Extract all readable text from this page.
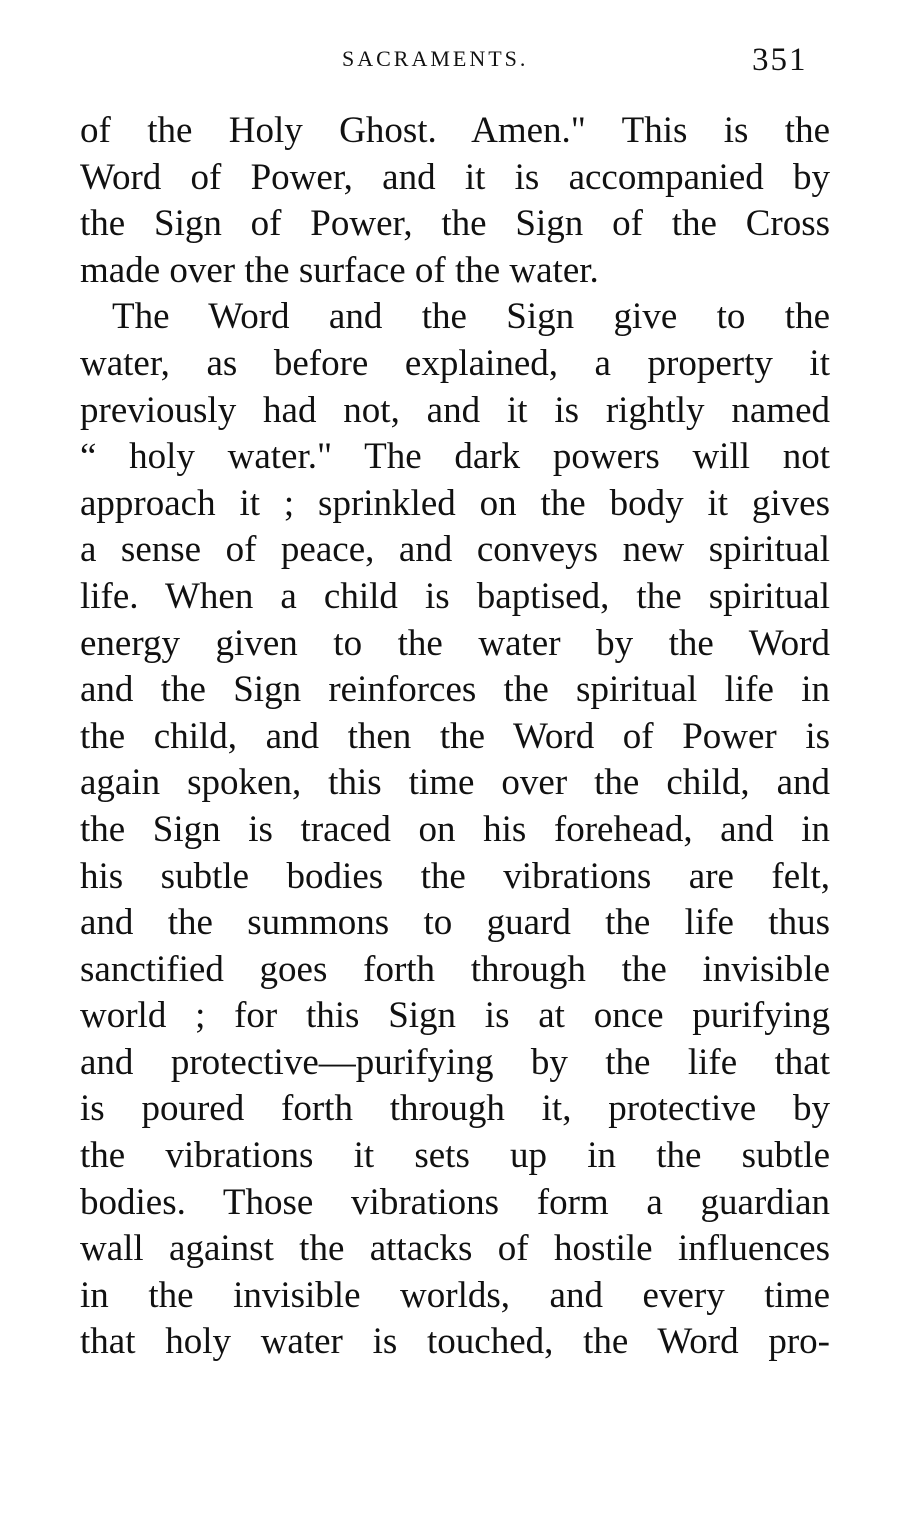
SACRAMENTS.	351
of the Holy Ghost. Amen." This is the
Word of Power, and it is accompanied by
the Sign of Power, the Sign of the Cross
made over the surface of the water.
The Word and the Sign give to the
water, as before explained, a property it
previously had not, and it is rightly named
“ holy water." The dark powers will not
approach it ; sprinkled on the body it gives
a sense of peace, and conveys new spiritual
life. When a child is baptised, the spiritual
energy given to the water by the Word
and the Sign reinforces the spiritual life in
the child, and then the Word of Power is
again spoken, this time over the child, and
the Sign is traced on his forehead, and in
his subtle bodies the vibrations are felt,
and the summons to guard the life thus
sanctified goes forth through the invisible
world ; for this Sign is at once purifying
and protective—purifying by the life that
is poured forth through it, protective by
the vibrations it sets up in the subtle
bodies. Those vibrations form a guardian
wall against the attacks of hostile influences
in the invisible worlds, and every time
that holy water is touched, the Word pro-
